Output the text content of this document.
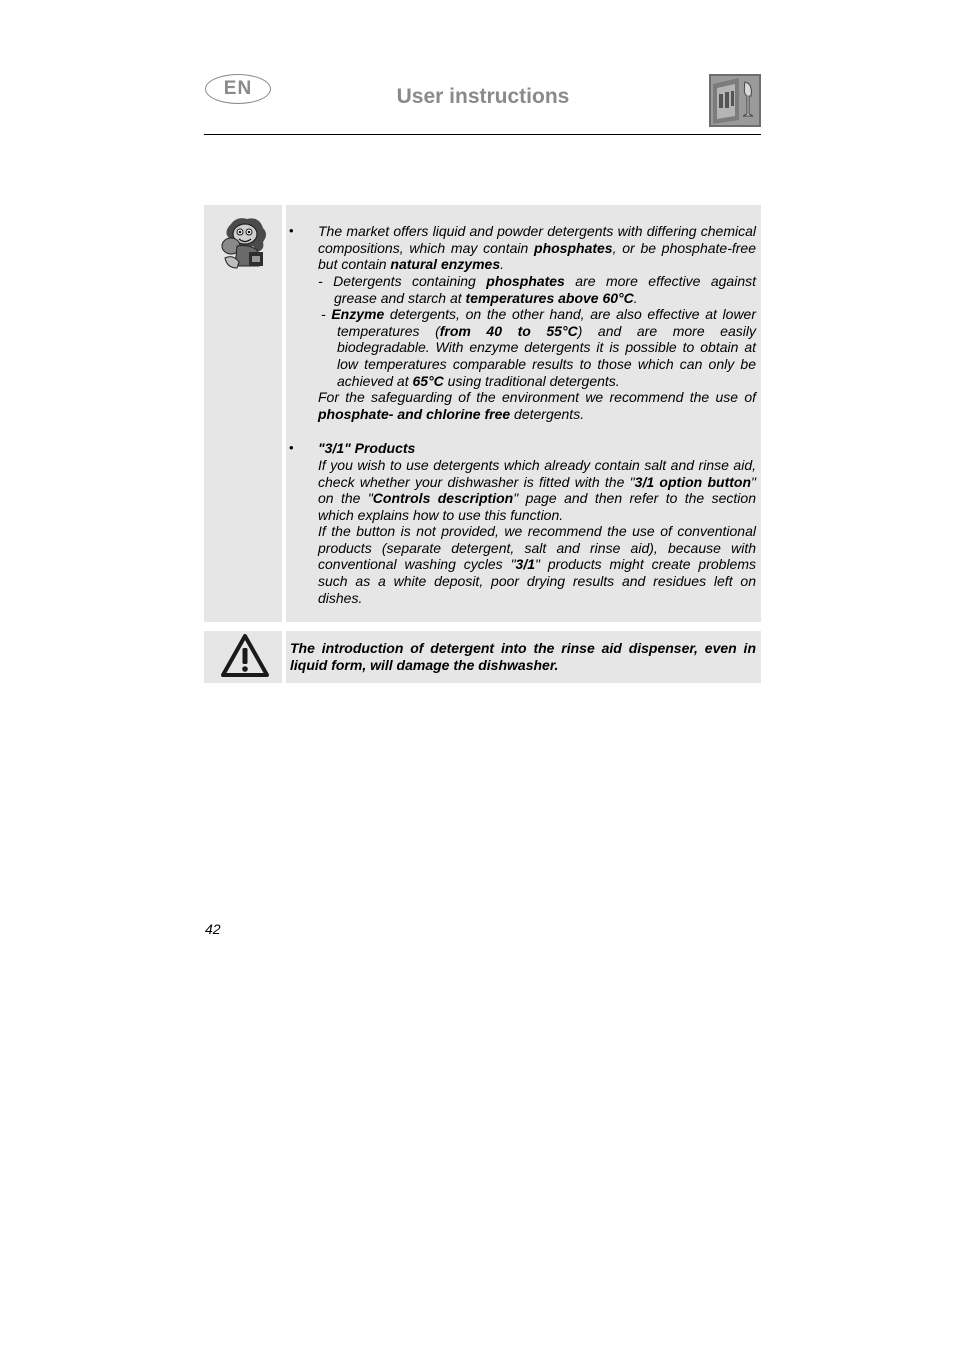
EN	User instructions
• The market offers liquid and powder detergents with differing chemical compositions, which may contain phosphates, or be phosphate-free but contain natural enzymes.

- Detergents containing phosphates are more effective against grease and starch at temperatures above 60°C.

- Enzyme detergents, on the other hand, are also effective at lower temperatures (from 40 to 55°C) and are more easily biodegradable. With enzyme detergents it is possible to obtain at low temperatures comparable results to those which can only be achieved at 65°C using traditional detergents.

For the safeguarding of the environment we recommend the use of phosphate- and chlorine free detergents.

• "3/1" Products

If you wish to use detergents which already contain salt and rinse aid, check whether your dishwasher is fitted with the "3/1 option button" on the "Controls description" page and then refer to the section which explains how to use this function.

If the button is not provided, we recommend the use of conventional products (separate detergent, salt and rinse aid), because with conventional washing cycles "3/1" products might create problems such as a white deposit, poor drying results and residues left on dishes.

The introduction of detergent into the rinse aid dispenser, even in liquid form, will damage the dishwasher.

42
